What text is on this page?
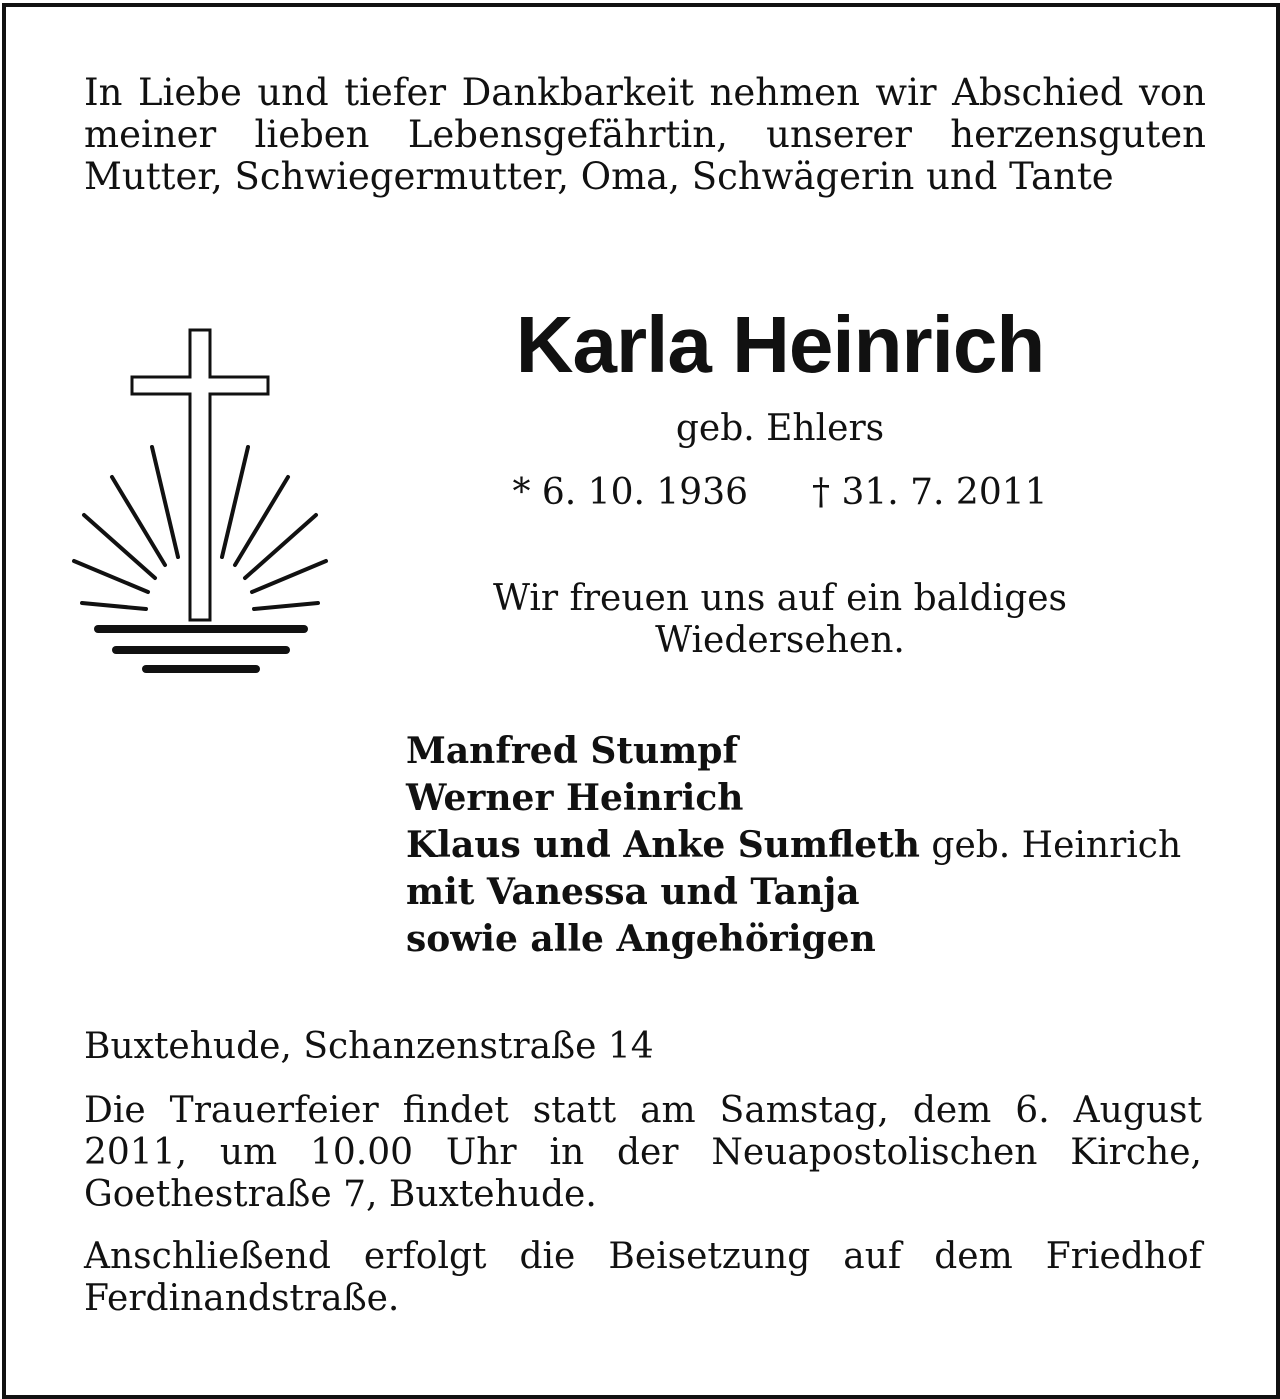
In Liebe und tiefer Dankbarkeit nehmen wir Abschied von meiner lieben Lebensgefährtin, unserer herzensguten Mutter, Schwiegermutter, Oma, Schwägerin und Tante
Karla Heinrich
geb. Ehlers
* 6. 10. 1936 † 31. 7. 2011
Wir freuen uns auf ein baldiges
Wiedersehen.
Manfred Stumpf
Werner Heinrich
Klaus und Anke Sumfleth geb. Heinrich
mit Vanessa und Tanja
sowie alle Angehörigen
Buxtehude, Schanzenstraße 14
Die Trauerfeier findet statt am Samstag, dem 6. August 2011, um 10.00 Uhr in der Neuapostolischen Kirche, Goethestraße 7, Buxtehude.
Anschließend erfolgt die Beisetzung auf dem Friedhof Ferdinandstraße.
